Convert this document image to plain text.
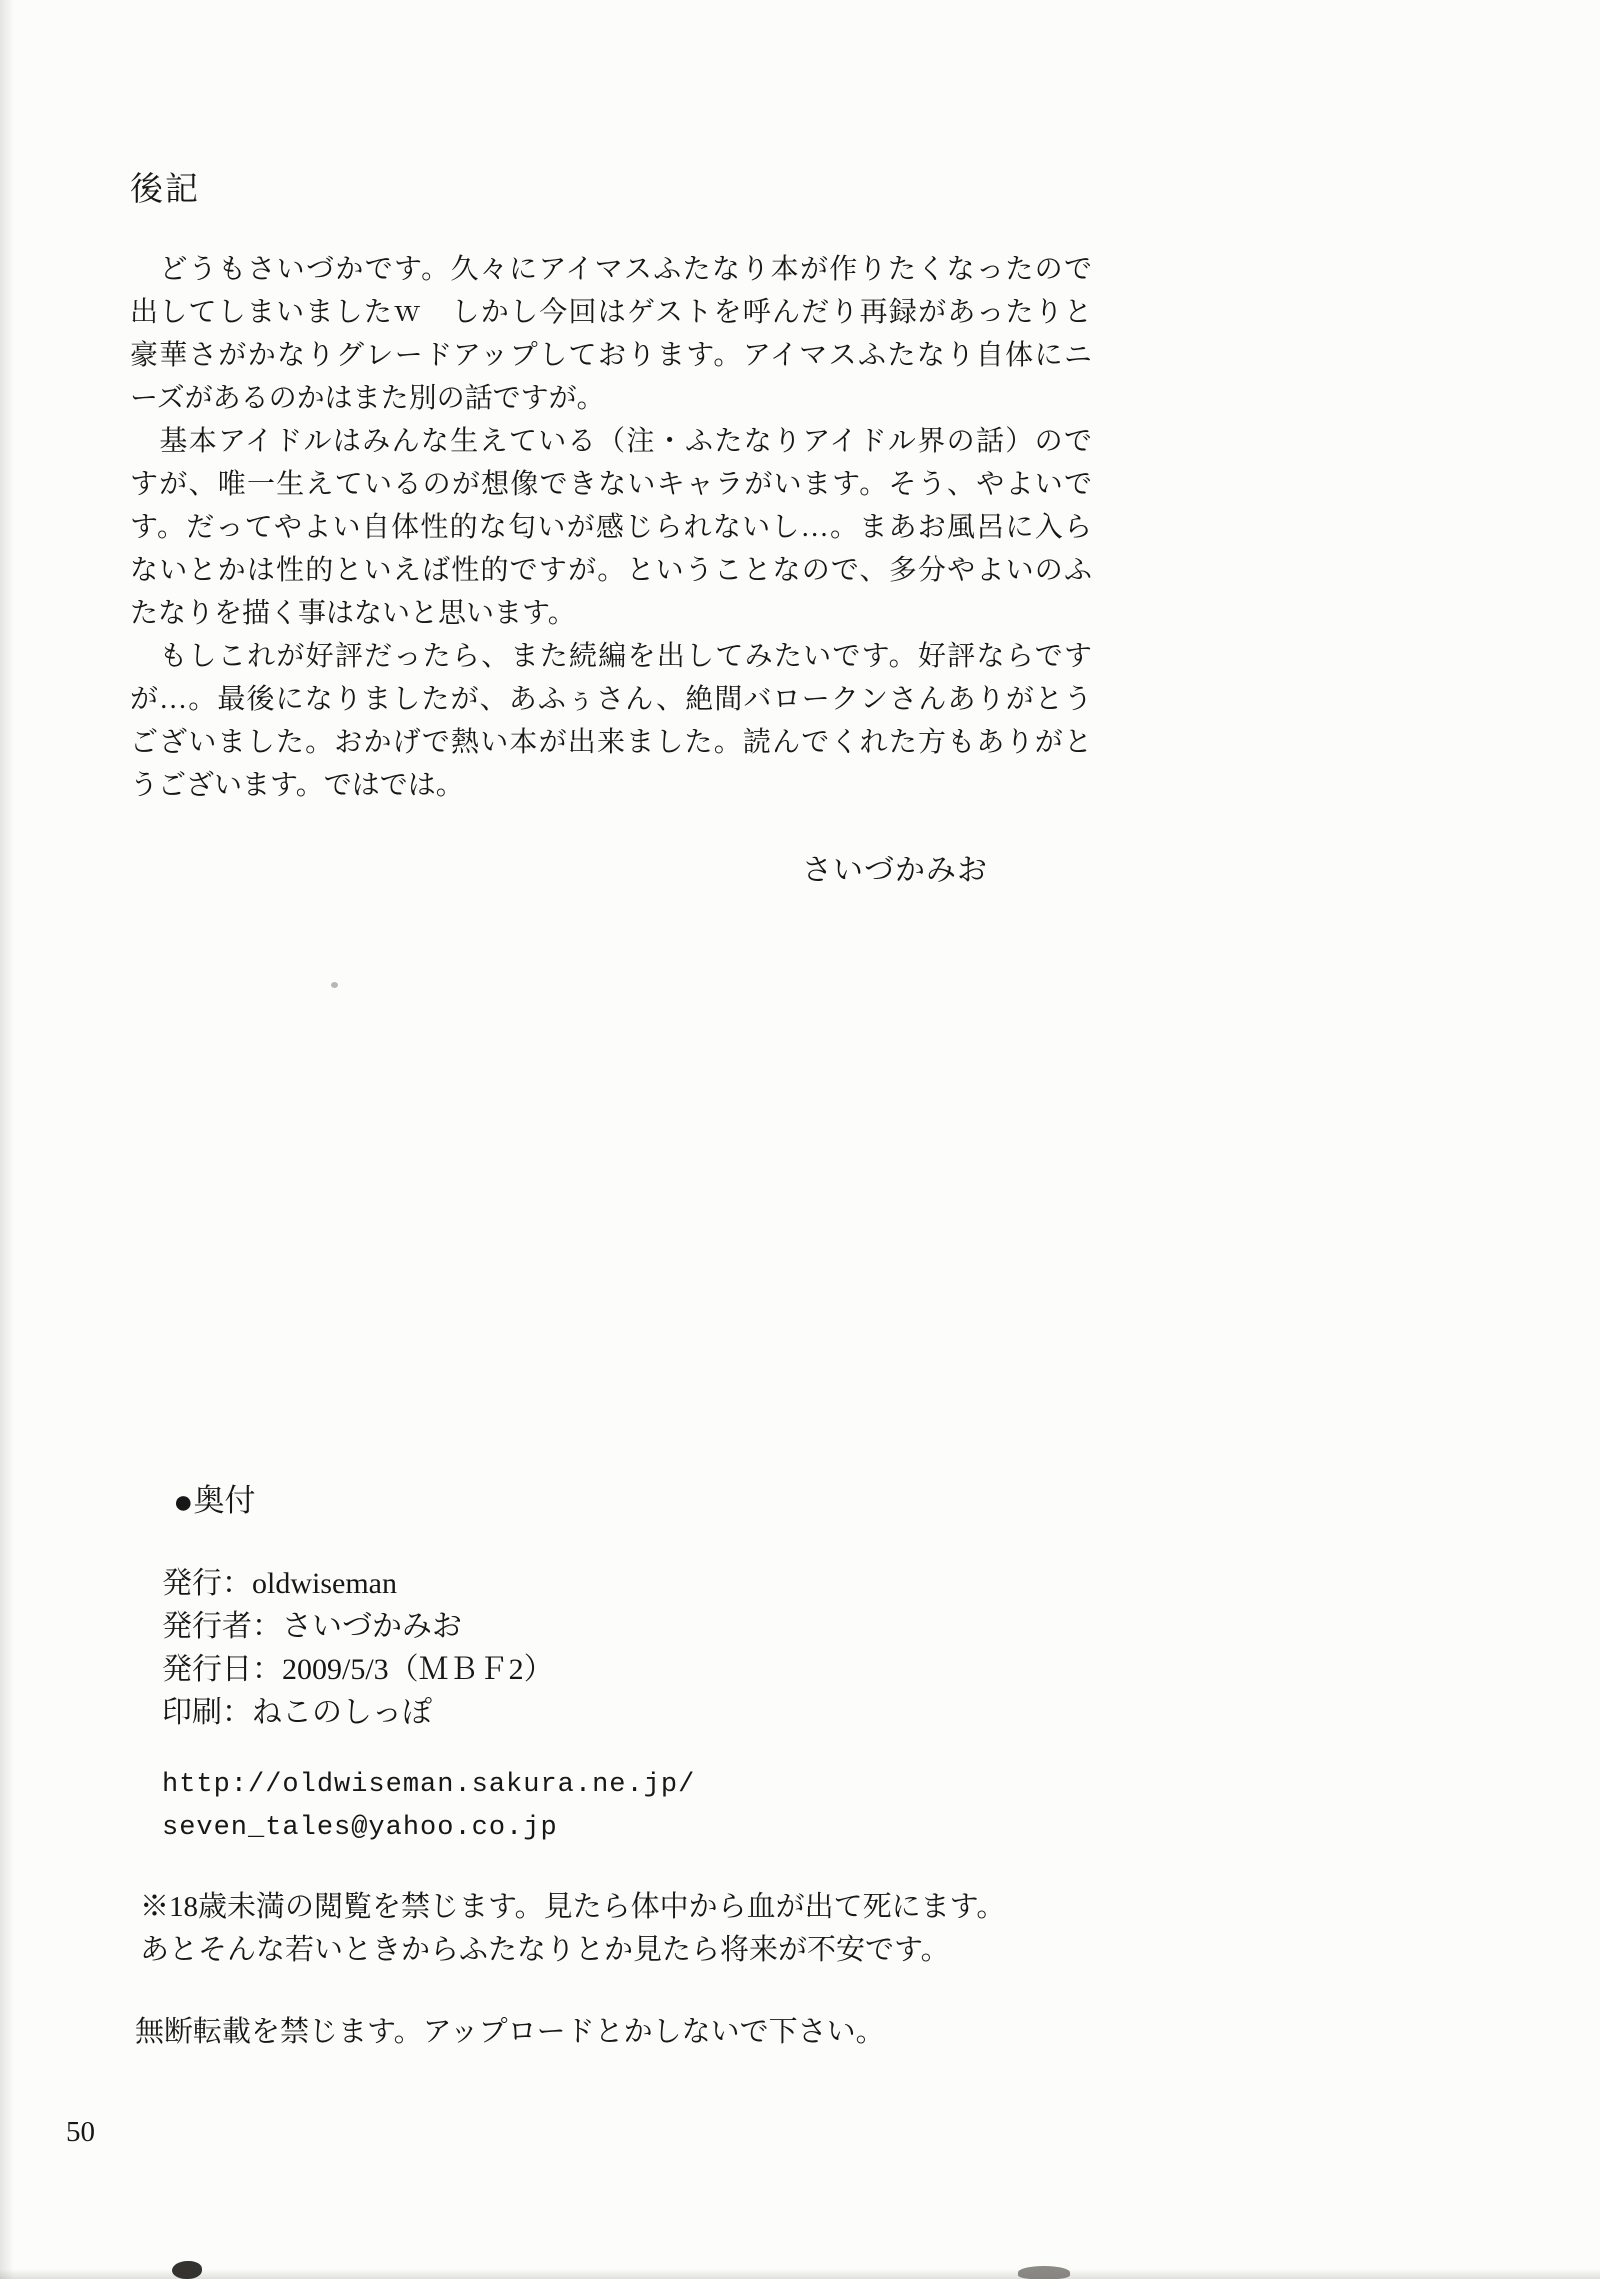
後記
　どうもさいづかです。久々にアイマスふたなり本が作りたくなったので
出してしまいましたｗ　しかし今回はゲストを呼んだり再録があったりと
豪華さがかなりグレードアップしております。アイマスふたなり自体にニ
ーズがあるのかはまた別の話ですが。
　基本アイドルはみんな生えている（注・ふたなりアイドル界の話）ので
すが、唯一生えているのが想像できないキャラがいます。そう、やよいで
す。だってやよい自体性的な匂いが感じられないし…。まあお風呂に入ら
ないとかは性的といえば性的ですが。ということなので、多分やよいのふ
たなりを描く事はないと思います。
　もしこれが好評だったら、また続編を出してみたいです。好評ならです
が…。最後になりましたが、あふぅさん、絶間バロークンさんありがとう
ございました。おかげで熱い本が出来ました。読んでくれた方もありがと
うございます。ではでは。
さいづかみお
●奥付
発行：oldwiseman
発行者：さいづかみお
発行日：2009/5/3（ＭＢＦ2）
印刷：ねこのしっぽ
http://oldwiseman.sakura.ne.jp/
seven_tales@yahoo.co.jp
※18歳未満の閲覧を禁じます。見たら体中から血が出て死にます。
あとそんな若いときからふたなりとか見たら将来が不安です。
無断転載を禁じます。アップロードとかしないで下さい。
50
